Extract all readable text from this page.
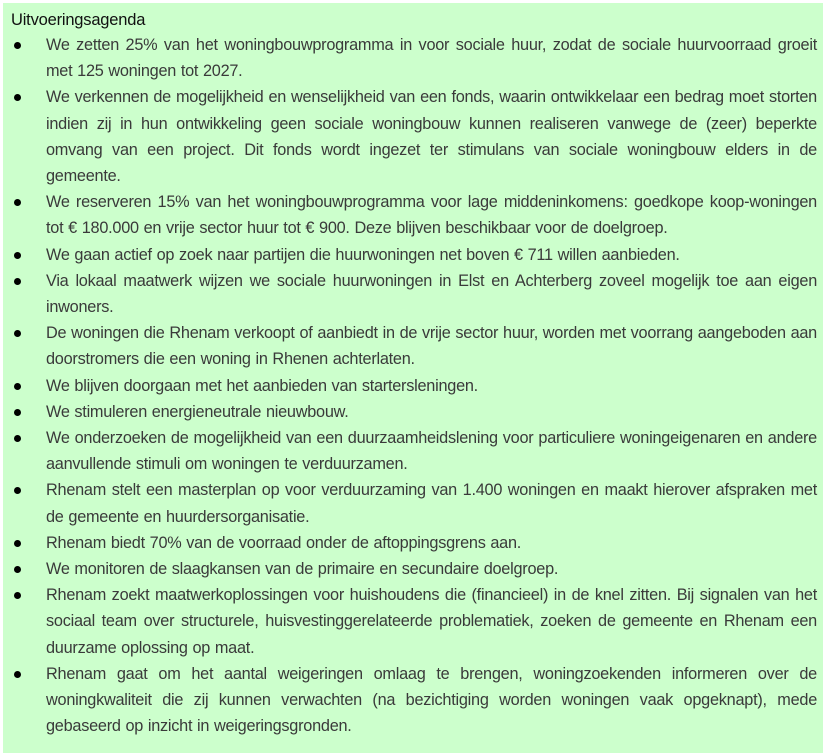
Uitvoeringsagenda
We zetten 25% van het woningbouwprogramma in voor sociale huur, zodat de sociale huurvoorraad groeit met 125 woningen tot 2027.
We verkennen de mogelijkheid en wenselijkheid van een fonds, waarin ontwikkelaar een bedrag moet storten indien zij in hun ontwikkeling geen sociale woningbouw kunnen realiseren vanwege de (zeer) beperkte omvang van een project. Dit fonds wordt ingezet ter stimulans van sociale woningbouw elders in de gemeente.
We reserveren 15% van het woningbouwprogramma voor lage middeninkomens: goedkope koop-woningen tot € 180.000 en vrije sector huur tot € 900. Deze blijven beschikbaar voor de doelgroep.
We gaan actief op zoek naar partijen die huurwoningen net boven € 711 willen aanbieden.
Via lokaal maatwerk wijzen we sociale huurwoningen in Elst en Achterberg zoveel mogelijk toe aan eigen inwoners.
De woningen die Rhenam verkoopt of aanbiedt in de vrije sector huur, worden met voorrang aangeboden aan doorstromers die een woning in Rhenen achterlaten.
We blijven doorgaan met het aanbieden van startersleningen.
We stimuleren energieneutrale nieuwbouw.
We onderzoeken de mogelijkheid van een duurzaamheidslening voor particuliere woningeigenaren en andere aanvullende stimuli om woningen te verduurzamen.
Rhenam stelt een masterplan op voor verduurzaming van 1.400 woningen en maakt hierover afspraken met de gemeente en huurdersorganisatie.
Rhenam biedt 70% van de voorraad onder de aftoppingsgrens aan.
We monitoren de slaagkansen van de primaire en secundaire doelgroep.
Rhenam zoekt maatwerkoplossingen voor huishoudens die (financieel) in de knel zitten. Bij signalen van het sociaal team over structurele, huisvestinggerelateerde problematiek, zoeken de gemeente en Rhenam een duurzame oplossing op maat.
Rhenam gaat om het aantal weigeringen omlaag te brengen, woningzoekenden informeren over de woningkwaliteit die zij kunnen verwachten (na bezichtiging worden woningen vaak opgeknapt), mede gebaseerd op inzicht in weigeringsgronden.
